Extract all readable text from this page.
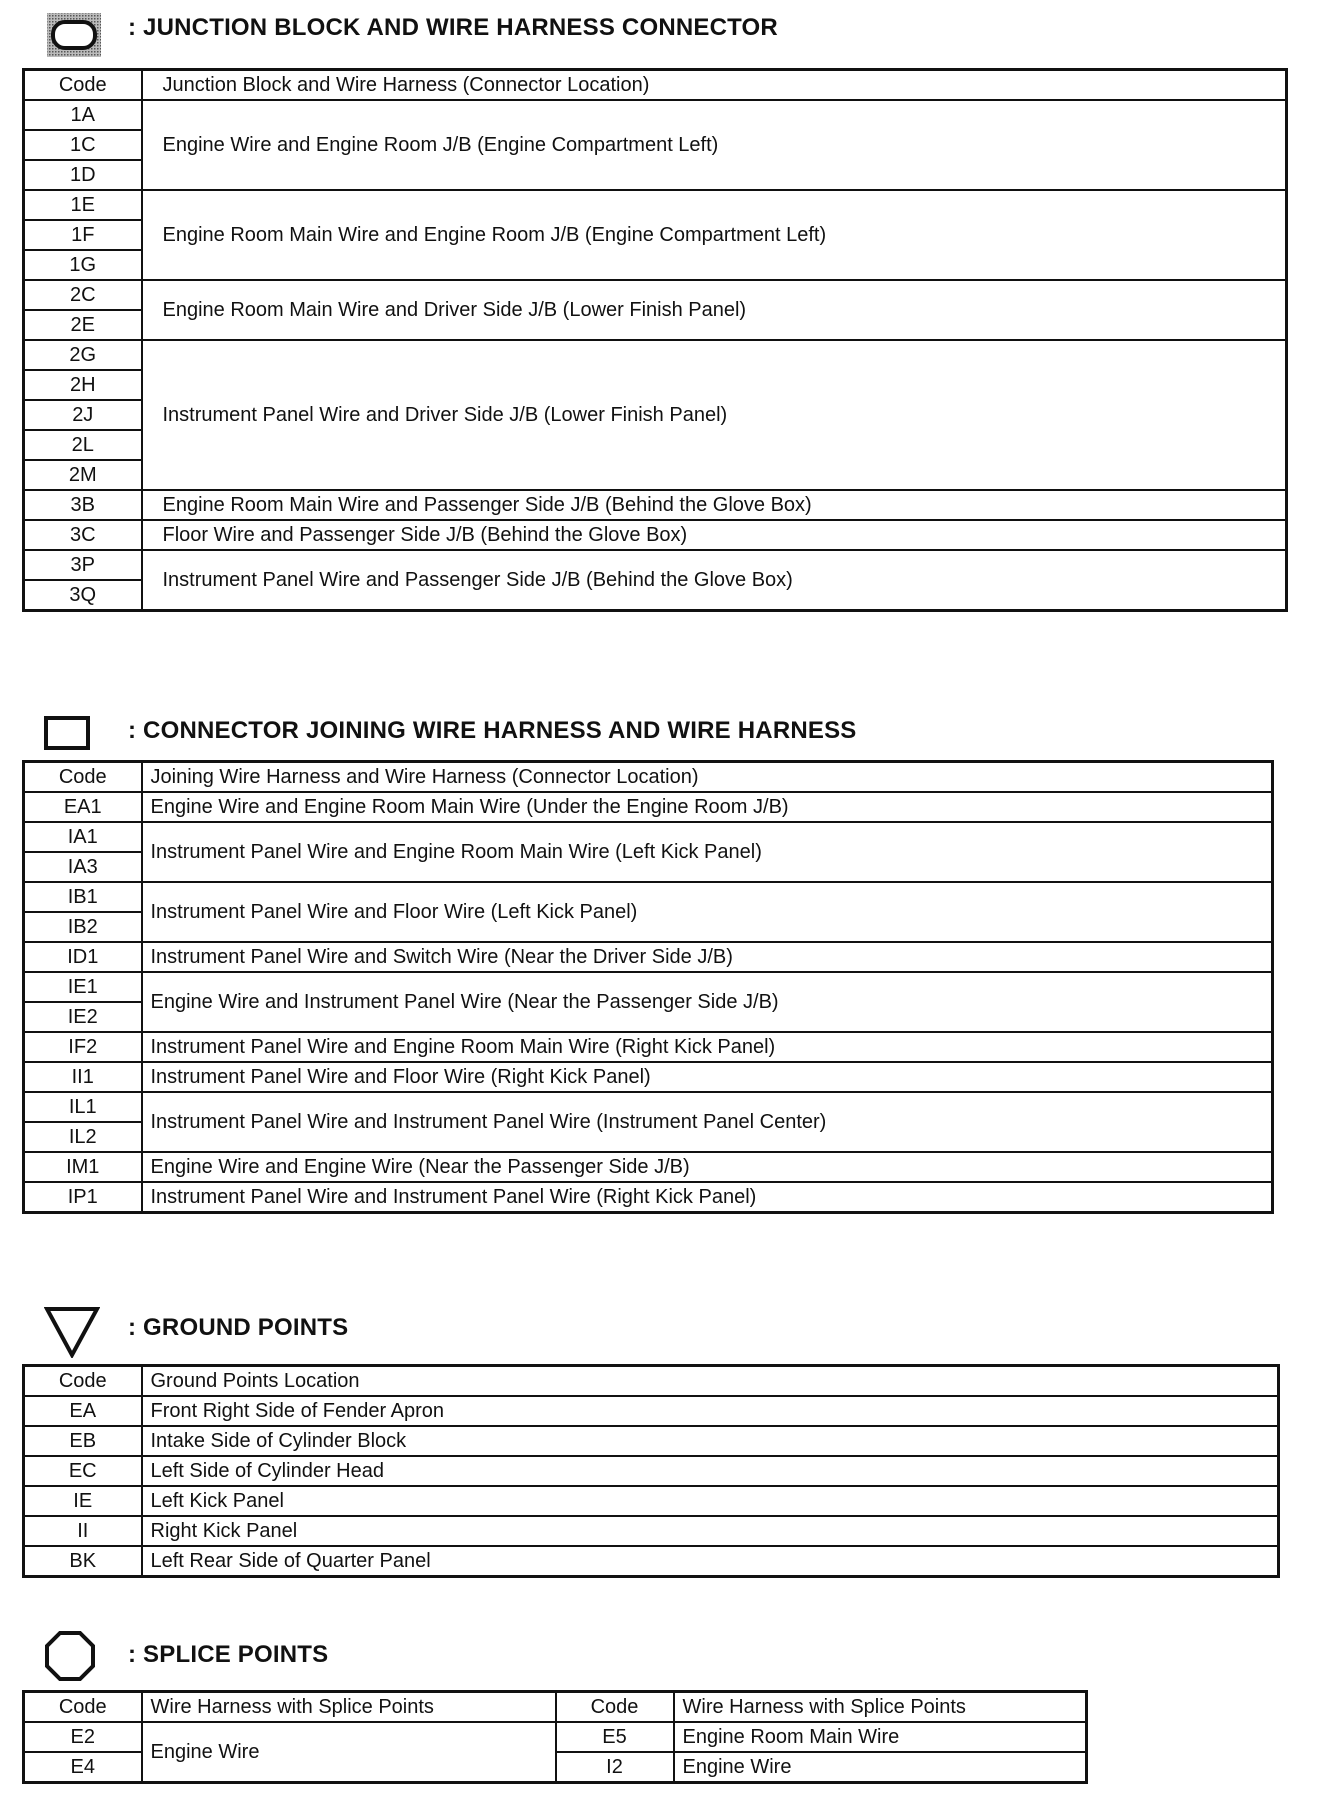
: JUNCTION BLOCK AND WIRE HARNESS CONNECTOR
Code	Junction Block and Wire Harness (Connector Location)
1A	Engine Wire and Engine Room J/B (Engine Compartment Left)
1C	
1D	
1E	Engine Room Main Wire and Engine Room J/B (Engine Compartment Left)
1F	
1G	
2C	Engine Room Main Wire and Driver Side J/B (Lower Finish Panel)
2E	
2G	Instrument Panel Wire and Driver Side J/B (Lower Finish Panel)
2H	
2J	
2L	
2M	
3B	Engine Room Main Wire and Passenger Side J/B (Behind the Glove Box)
3C	Floor Wire and Passenger Side J/B (Behind the Glove Box)
3P	Instrument Panel Wire and Passenger Side J/B (Behind the Glove Box)
3Q	
: CONNECTOR JOINING WIRE HARNESS AND WIRE HARNESS
Code	Joining Wire Harness and Wire Harness (Connector Location)
EA1	Engine Wire and Engine Room Main Wire (Under the Engine Room J/B)
IA1	Instrument Panel Wire and Engine Room Main Wire (Left Kick Panel)
IA3	
IB1	Instrument Panel Wire and Floor Wire (Left Kick Panel)
IB2	
ID1	Instrument Panel Wire and Switch Wire (Near the Driver Side J/B)
IE1	Engine Wire and Instrument Panel Wire (Near the Passenger Side J/B)
IE2	
IF2	Instrument Panel Wire and Engine Room Main Wire (Right Kick Panel)
II1	Instrument Panel Wire and Floor Wire (Right Kick Panel)
IL1	Instrument Panel Wire and Instrument Panel Wire (Instrument Panel Center)
IL2	
IM1	Engine Wire and Engine Wire (Near the Passenger Side J/B)
IP1	Instrument Panel Wire and Instrument Panel Wire (Right Kick Panel)
: GROUND POINTS
Code	Ground Points Location
EA	Front Right Side of Fender Apron
EB	Intake Side of Cylinder Block
EC	Left Side of Cylinder Head
IE	Left Kick Panel
II	Right Kick Panel
BK	Left Rear Side of Quarter Panel
: SPLICE POINTS
Code	Wire Harness with Splice Points	Code	Wire Harness with Splice Points
E2	Engine Wire	E5	Engine Room Main Wire
E4		I2	Engine Wire
